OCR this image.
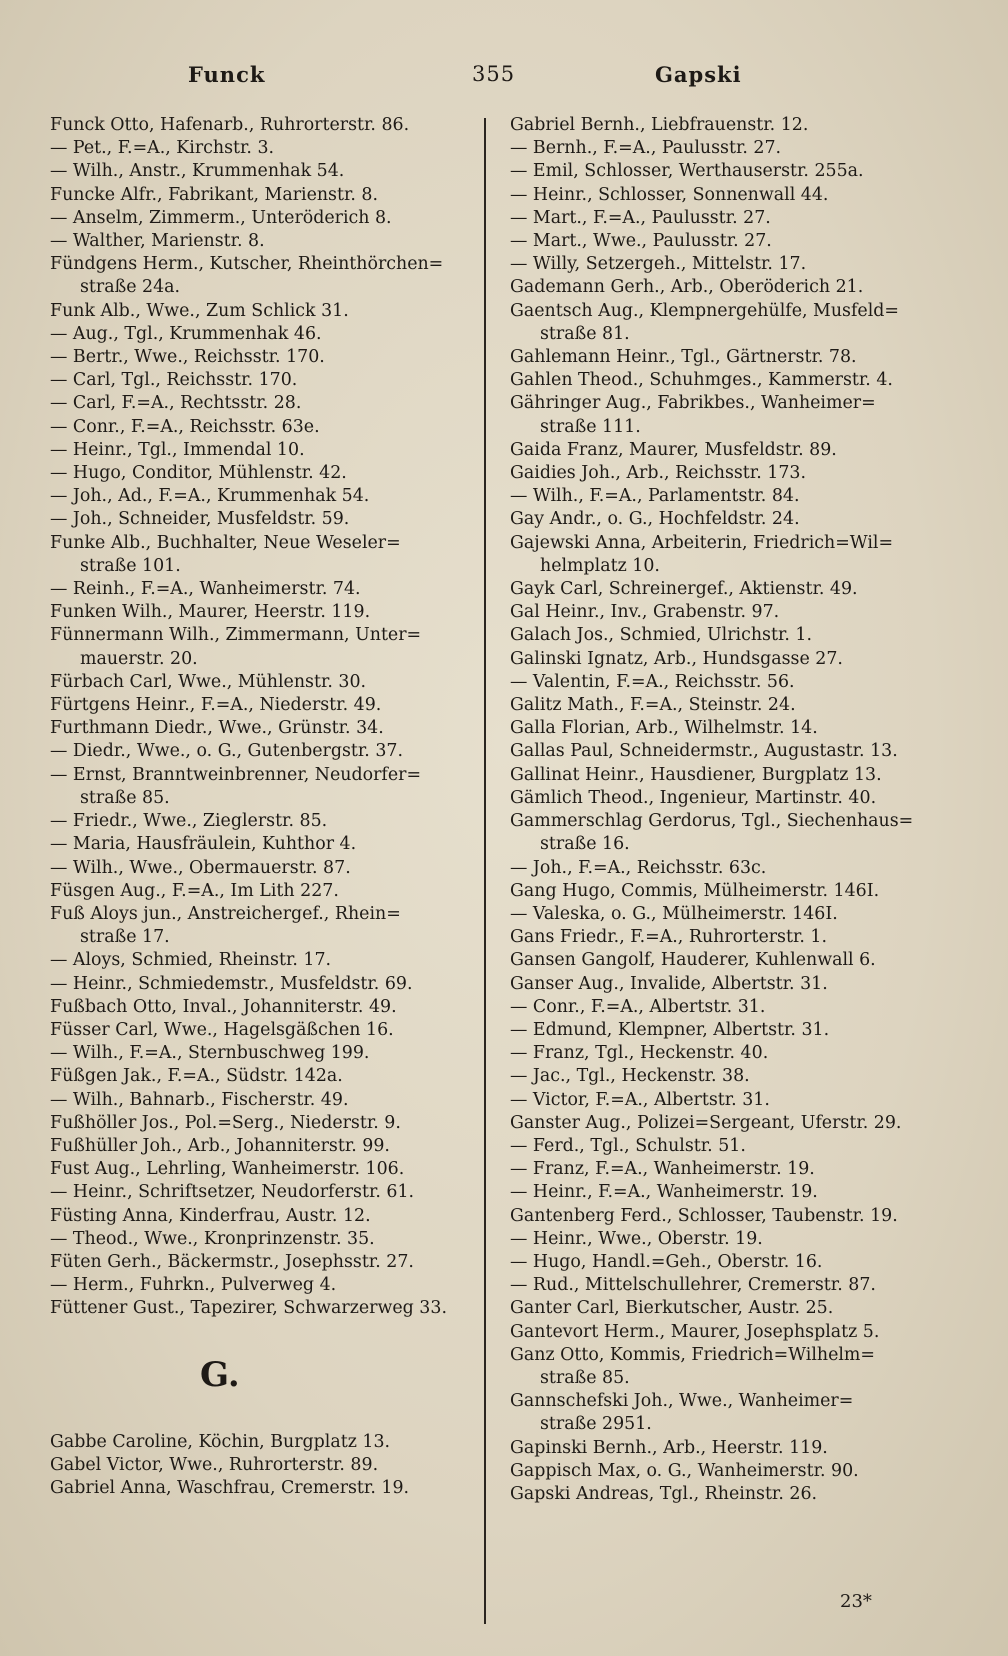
Funck	355	Gapski
Funck Otto, Hafenarb., Ruhrorterstr. 86.
— Pet., F.=A., Kirchstr. 3.
— Wilh., Anstr., Krummenhak 54.
Funcke Alfr., Fabrikant, Marienstr. 8.
— Anselm, Zimmerm., Unteröderich 8.
— Walther, Marienstr. 8.
Fündgens Herm., Kutscher, Rheinthörchen=
straße 24a.
Funk Alb., Wwe., Zum Schlick 31.
— Aug., Tgl., Krummenhak 46.
— Bertr., Wwe., Reichsstr. 170.
— Carl, Tgl., Reichsstr. 170.
— Carl, F.=A., Rechtsstr. 28.
— Conr., F.=A., Reichsstr. 63e.
— Heinr., Tgl., Immendal 10.
— Hugo, Conditor, Mühlenstr. 42.
— Joh., Ad., F.=A., Krummenhak 54.
— Joh., Schneider, Musfeldstr. 59.
Funke Alb., Buchhalter, Neue Weseler=
straße 101.
— Reinh., F.=A., Wanheimerstr. 74.
Funken Wilh., Maurer, Heerstr. 119.
Fünnermann Wilh., Zimmermann, Unter=
mauerstr. 20.
Fürbach Carl, Wwe., Mühlenstr. 30.
Fürtgens Heinr., F.=A., Niederstr. 49.
Furthmann Diedr., Wwe., Grünstr. 34.
— Diedr., Wwe., o. G., Gutenbergstr. 37.
— Ernst, Branntweinbrenner, Neudorfer=
straße 85.
— Friedr., Wwe., Zieglerstr. 85.
— Maria, Hausfräulein, Kuhthor 4.
— Wilh., Wwe., Obermauerstr. 87.
Füsgen Aug., F.=A., Im Lith 227.
Fuß Aloys jun., Anstreichergef., Rhein=
straße 17.
— Aloys, Schmied, Rheinstr. 17.
— Heinr., Schmiedemstr., Musfeldstr. 69.
Fußbach Otto, Inval., Johanniterstr. 49.
Füsser Carl, Wwe., Hagelsgäßchen 16.
— Wilh., F.=A., Sternbuschweg 199.
Füßgen Jak., F.=A., Südstr. 142a.
— Wilh., Bahnarb., Fischerstr. 49.
Fußhöller Jos., Pol.=Serg., Niederstr. 9.
Fußhüller Joh., Arb., Johanniterstr. 99.
Fust Aug., Lehrling, Wanheimerstr. 106.
— Heinr., Schriftsetzer, Neudorferstr. 61.
Füsting Anna, Kinderfrau, Austr. 12.
— Theod., Wwe., Kronprinzenstr. 35.
Füten Gerh., Bäckermstr., Josephsstr. 27.
— Herm., Fuhrkn., Pulverweg 4.
Füttener Gust., Tapezirer, Schwarzerweg 33.
G.
Gabbe Caroline, Köchin, Burgplatz 13.
Gabel Victor, Wwe., Ruhrorterstr. 89.
Gabriel Anna, Waschfrau, Cremerstr. 19.
Gabriel Bernh., Liebfrauenstr. 12.
— Bernh., F.=A., Paulusstr. 27.
— Emil, Schlosser, Werthauserstr. 255a.
— Heinr., Schlosser, Sonnenwall 44.
— Mart., F.=A., Paulusstr. 27.
— Mart., Wwe., Paulusstr. 27.
— Willy, Setzergeh., Mittelstr. 17.
Gademann Gerh., Arb., Oberöderich 21.
Gaentsch Aug., Klempnergehülfe, Musfeld=
straße 81.
Gahlemann Heinr., Tgl., Gärtnerstr. 78.
Gahlen Theod., Schuhmges., Kammerstr. 4.
Gähringer Aug., Fabrikbes., Wanheimer=
straße 111.
Gaida Franz, Maurer, Musfeldstr. 89.
Gaidies Joh., Arb., Reichsstr. 173.
— Wilh., F.=A., Parlamentstr. 84.
Gay Andr., o. G., Hochfeldstr. 24.
Gajewski Anna, Arbeiterin, Friedrich=Wil=
helmplatz 10.
Gayk Carl, Schreinergef., Aktienstr. 49.
Gal Heinr., Inv., Grabenstr. 97.
Galach Jos., Schmied, Ulrichstr. 1.
Galinski Ignatz, Arb., Hundsgasse 27.
— Valentin, F.=A., Reichsstr. 56.
Galitz Math., F.=A., Steinstr. 24.
Galla Florian, Arb., Wilhelmstr. 14.
Gallas Paul, Schneidermstr., Augustastr. 13.
Gallinat Heinr., Hausdiener, Burgplatz 13.
Gämlich Theod., Ingenieur, Martinstr. 40.
Gammerschlag Gerdorus, Tgl., Siechenhaus=
straße 16.
— Joh., F.=A., Reichsstr. 63c.
Gang Hugo, Commis, Mülheimerstr. 146I.
— Valeska, o. G., Mülheimerstr. 146I.
Gans Friedr., F.=A., Ruhrorterstr. 1.
Gansen Gangolf, Hauderer, Kuhlenwall 6.
Ganser Aug., Invalide, Albertstr. 31.
— Conr., F.=A., Albertstr. 31.
— Edmund, Klempner, Albertstr. 31.
— Franz, Tgl., Heckenstr. 40.
— Jac., Tgl., Heckenstr. 38.
— Victor, F.=A., Albertstr. 31.
Ganster Aug., Polizei=Sergeant, Uferstr. 29.
— Ferd., Tgl., Schulstr. 51.
— Franz, F.=A., Wanheimerstr. 19.
— Heinr., F.=A., Wanheimerstr. 19.
Gantenberg Ferd., Schlosser, Taubenstr. 19.
— Heinr., Wwe., Oberstr. 19.
— Hugo, Handl.=Geh., Oberstr. 16.
— Rud., Mittelschullehrer, Cremerstr. 87.
Ganter Carl, Bierkutscher, Austr. 25.
Gantevort Herm., Maurer, Josephsplatz 5.
Ganz Otto, Kommis, Friedrich=Wilhelm=
straße 85.
Gannschefski Joh., Wwe., Wanheimer=
straße 2951.
Gapinski Bernh., Arb., Heerstr. 119.
Gappisch Max, o. G., Wanheimerstr. 90.
Gapski Andreas, Tgl., Rheinstr. 26.
23*
